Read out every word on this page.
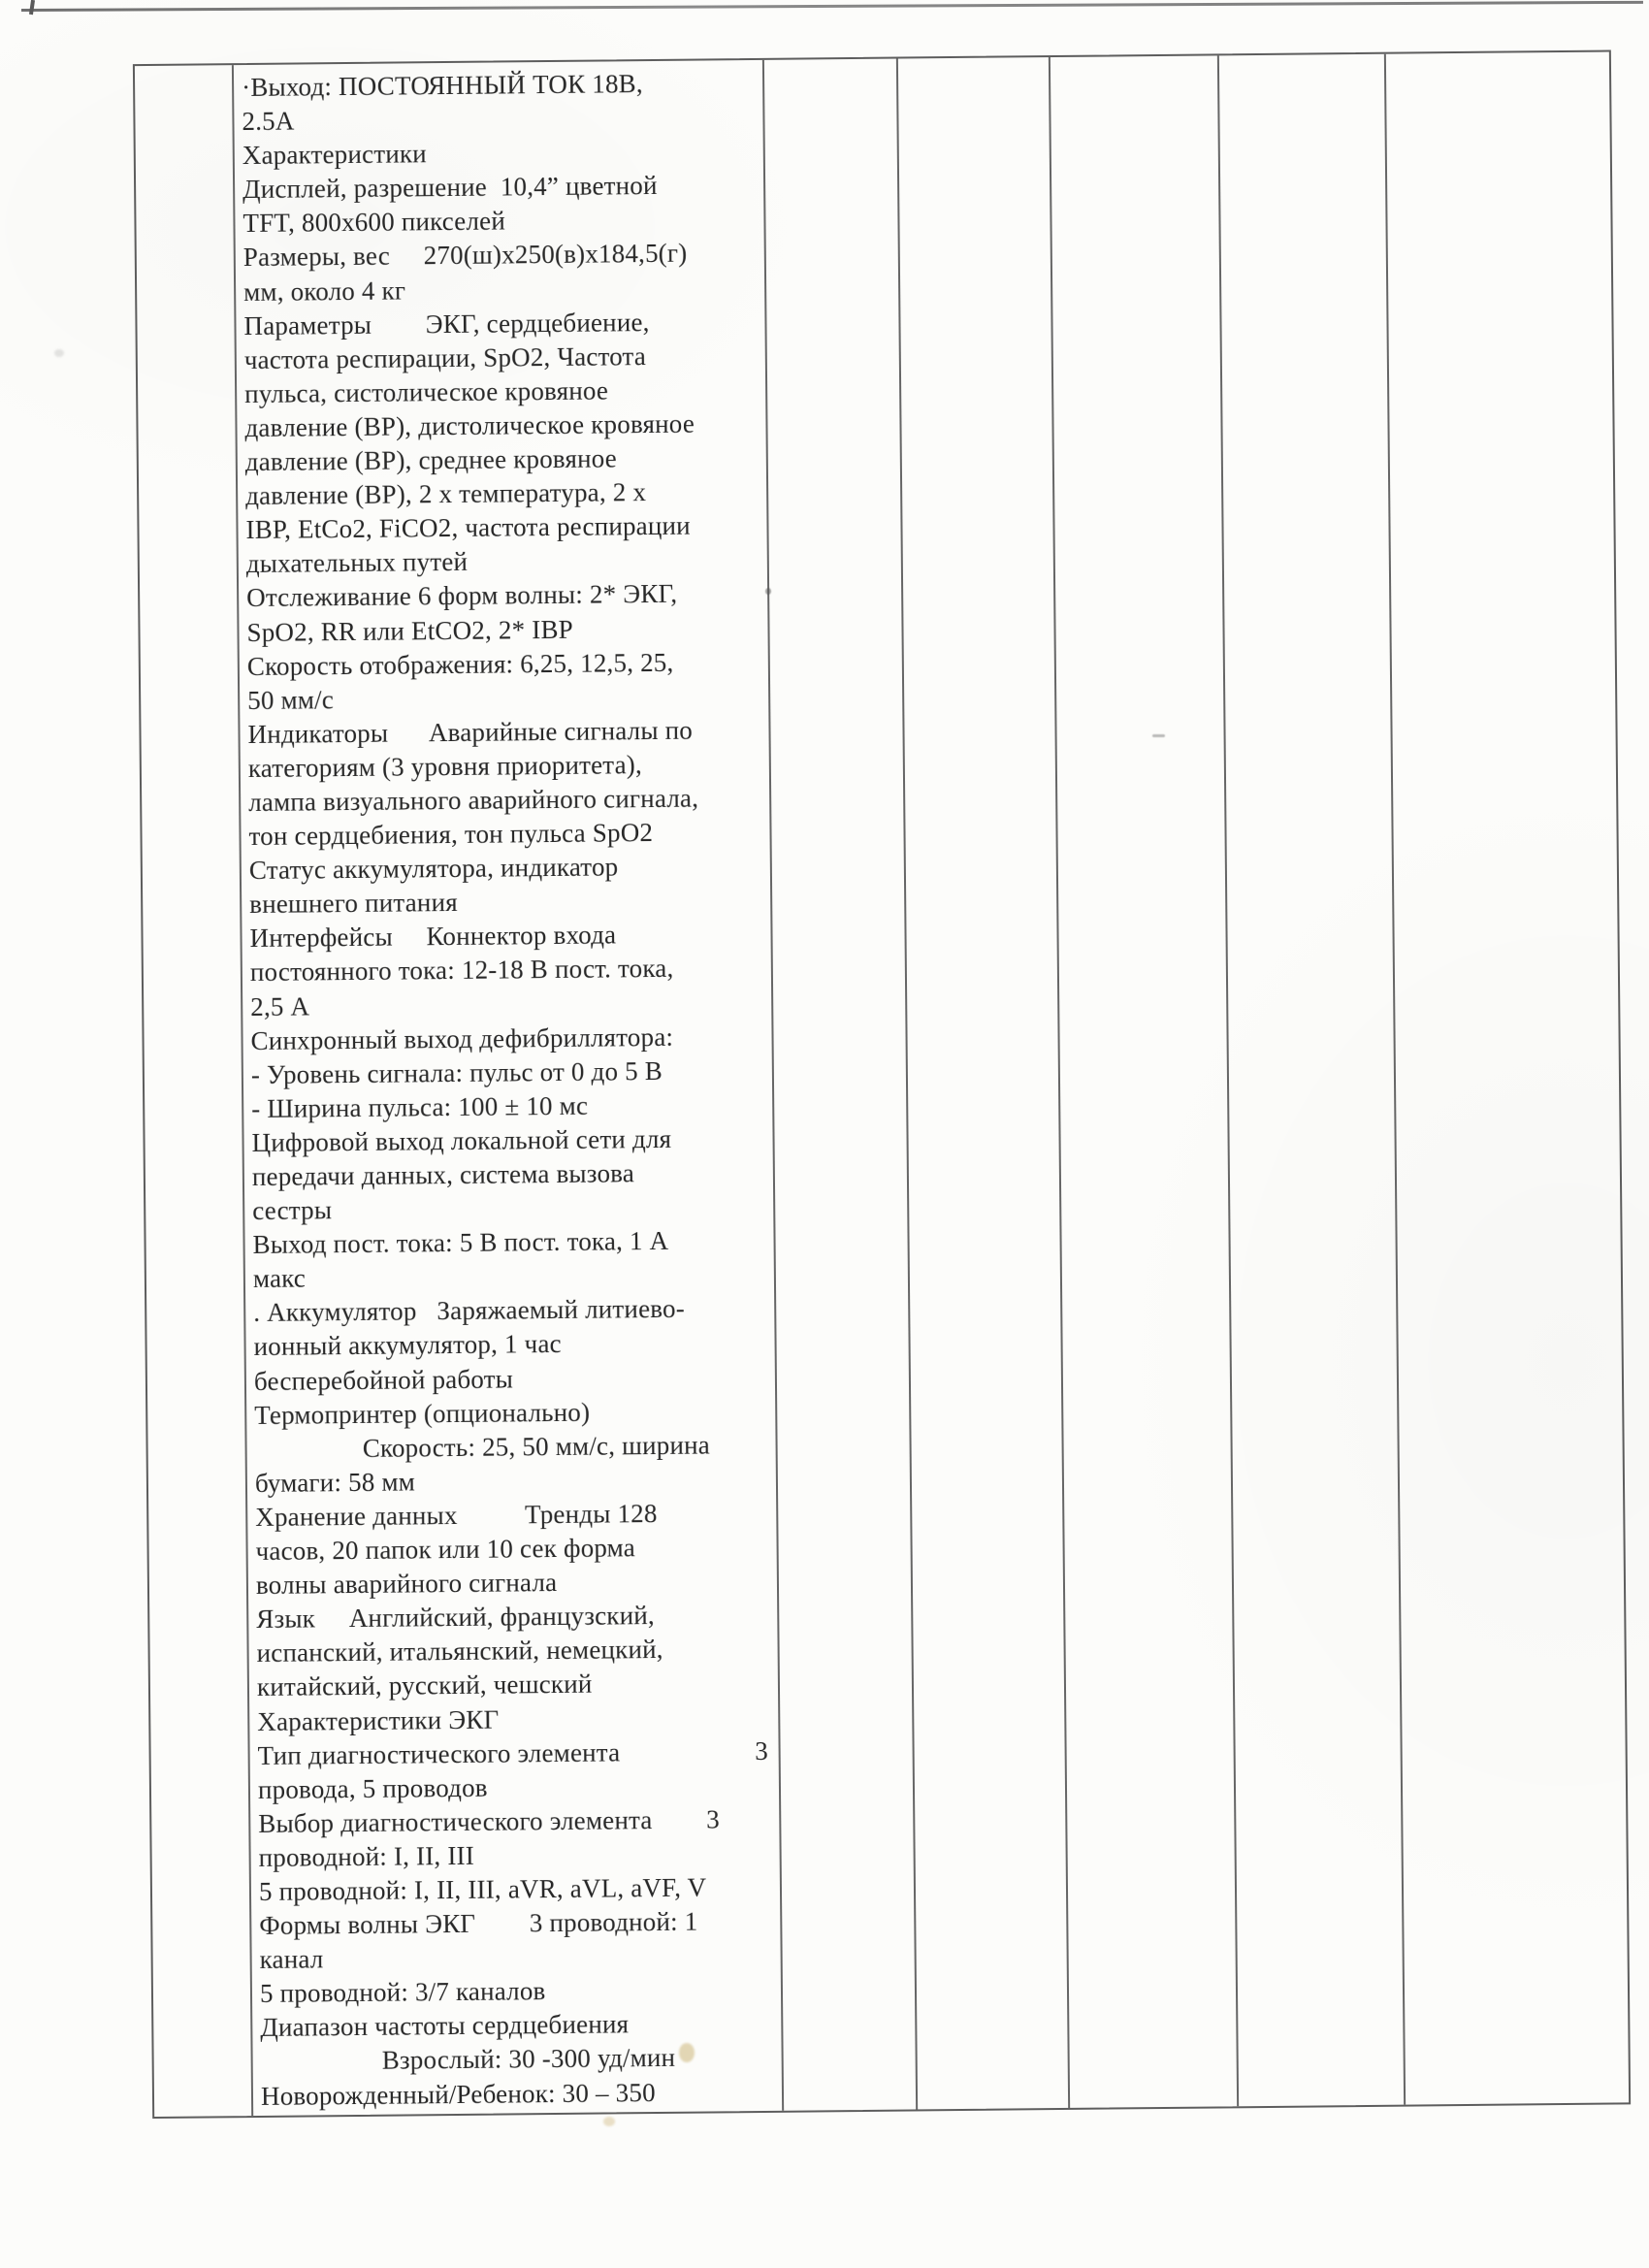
·Выход: ПОСТОЯННЫЙ ТОК 18В,
2.5А
Характеристики
Дисплей, разрешение  10,4” цветной
TFT, 800х600 пикселей
Размеры, вес     270(ш)х250(в)х184,5(г)
мм, около 4 кг
Параметры        ЭКГ, сердцебиение,
частота респирации, SpO2, Частота
пульса, систолическое кровяное
давление (ВР), дистолическое кровяное
давление (ВР), среднее кровяное
давление (ВР), 2 х температура, 2 х
IBP, EtCo2, FiCO2, частота респирации
дыхательных путей
Отслеживание 6 форм волны: 2* ЭКГ,
SpO2, RR или EtCO2, 2* IBP
Скорость отображения: 6,25, 12,5, 25,
50 мм/с
Индикаторы      Аварийные сигналы по
категориям (3 уровня приоритета),
лампа визуального аварийного сигнала,
тон сердцебиения, тон пульса SpO2
Статус аккумулятора, индикатор
внешнего питания
Интерфейсы     Коннектор входа
постоянного тока: 12-18 В пост. тока,
2,5 А
Синхронный выход дефибриллятора:
- Уровень сигнала: пульс от 0 до 5 В
- Ширина пульса: 100 ± 10 мс
Цифровой выход локальной сети для
передачи данных, система вызова
сестры
Выход пост. тока: 5 В пост. тока, 1 А
макс
. Аккумулятор   Заряжаемый литиево-
ионный аккумулятор, 1 час
бесперебойной работы
Термопринтер (опционально)
Скорость: 25, 50 мм/с, ширина
бумаги: 58 мм
Хранение данных          Тренды 128
часов, 20 папок или 10 сек форма
волны аварийного сигнала
Язык     Английский, французский,
испанский, итальянский, немецкий,
китайский, русский, чешский
Характеристики ЭКГ
Тип диагностического элемента                    3
провода, 5 проводов
Выбор диагностического элемента        3
проводной: I, II, III
5 проводной: I, II, III, aVR, aVL, aVF, V
Формы волны ЭКГ        3 проводной: 1
канал
5 проводной: 3/7 каналов
Диапазон частоты сердцебиения
Взрослый: 30 -300 уд/мин
Новорожденный/Ребенок: 30 – 350
